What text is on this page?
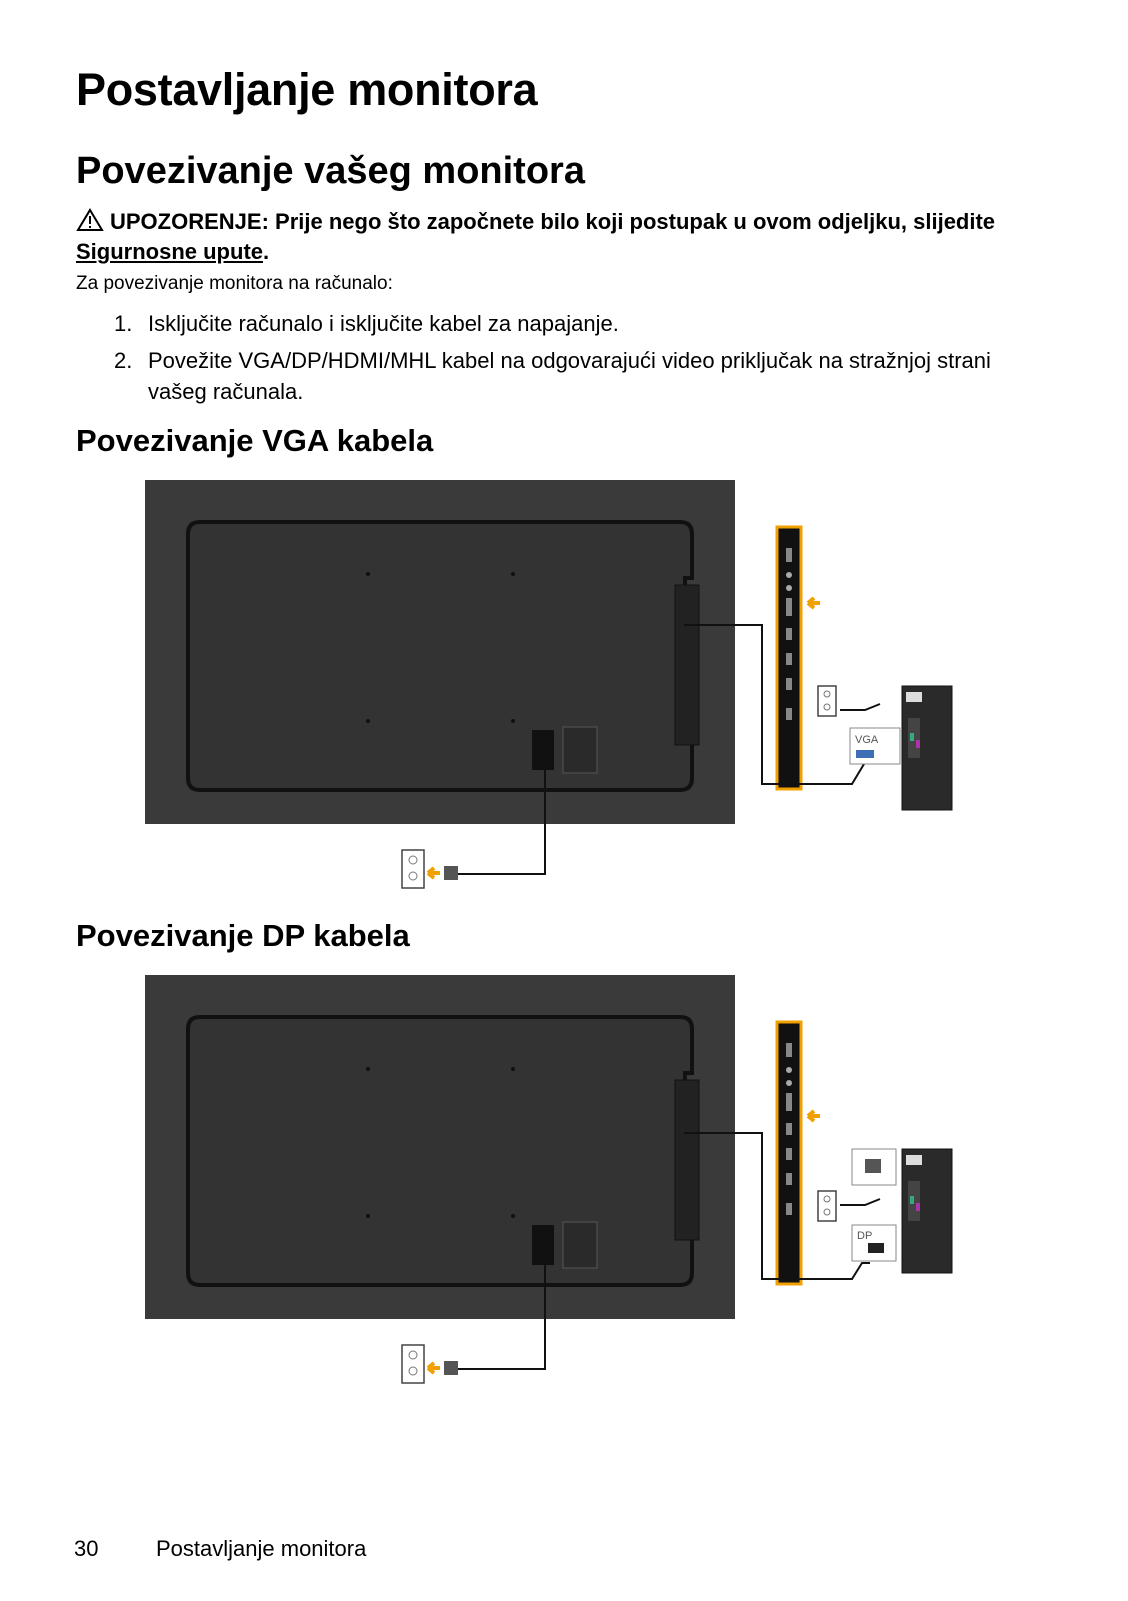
Postavljanje monitora
Povezivanje vašeg monitora
UPOZORENJE: Prije nego što započnete bilo koji postupak u ovom odjeljku, slijedite Sigurnosne upute.
Za povezivanje monitora na računalo:
1. Isključite računalo i isključite kabel za napajanje.
2. Povežite VGA/DP/HDMI/MHL kabel na odgovarajući video priključak na stražnjoj strani vašeg računala.
Povezivanje VGA kabela
VGA
Povezivanje DP kabela
DP
30	Postavljanje monitora
